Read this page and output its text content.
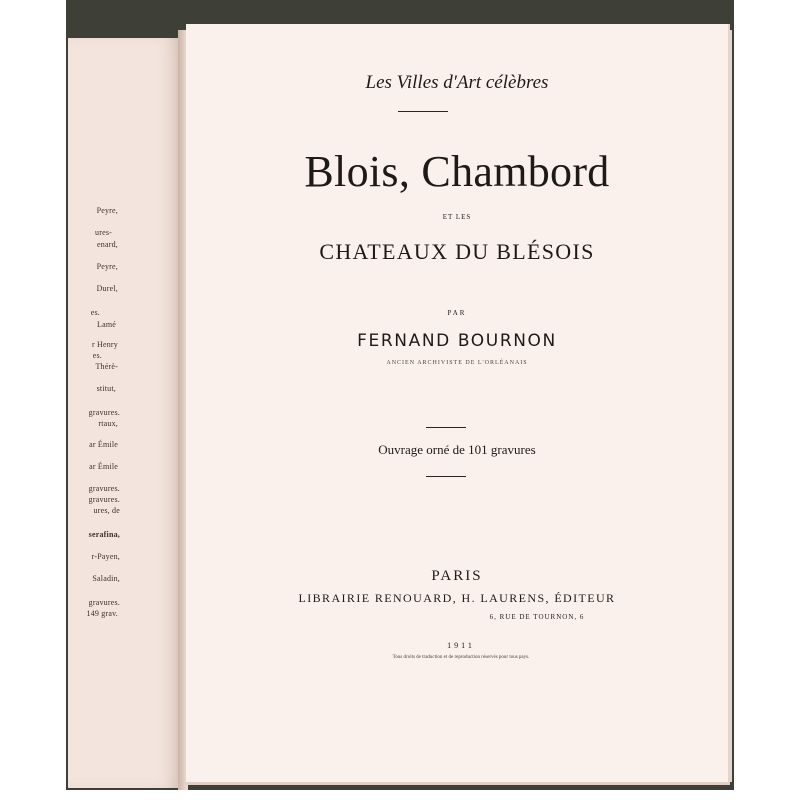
Peyre,
ures-
enard,
Peyre,
Durel,
es.
Lamé
r Henry
es.
Thérè-
stitut,
gravures.
rtaux,
ar Émile
ar Émile
gravures.
gravures.
ures, de
serafina,
r-Payen,
Saladin,
gravures.
149 grav.
Les Villes d'Art célèbres
Blois, Chambord
ET LES
CHATEAUX DU BLÉSOIS
PAR
FERNAND BOURNON
ANCIEN ARCHIVISTE DE L'ORLÉANAIS
Ouvrage orné de 101 gravures
PARIS
LIBRAIRIE RENOUARD, H. LAURENS, ÉDITEUR
6, RUE DE TOURNON, 6
1911
Tous droits de traduction et de reproduction réservés pour tous pays.
